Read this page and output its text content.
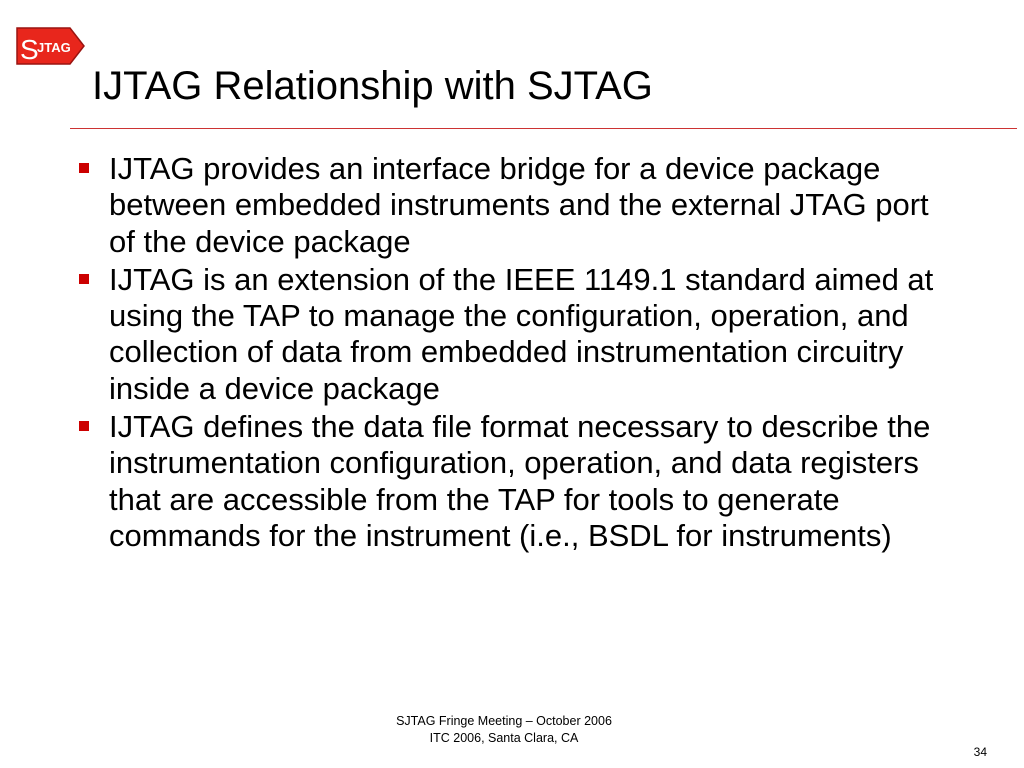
S
JTAG
IJTAG Relationship with SJTAG
IJTAG provides an interface bridge for a device package between embedded instruments and the external JTAG port of the device package
IJTAG is an extension of the IEEE 1149.1 standard aimed at using the TAP to manage the configuration, operation, and collection of data from embedded instrumentation circuitry inside a device package
IJTAG defines the data file format necessary to describe the instrumentation configuration, operation, and data registers that are accessible from the TAP for tools to generate commands for the instrument (i.e., BSDL for instruments)
SJTAG Fringe Meeting – October 2006
ITC 2006, Santa Clara, CA
34
